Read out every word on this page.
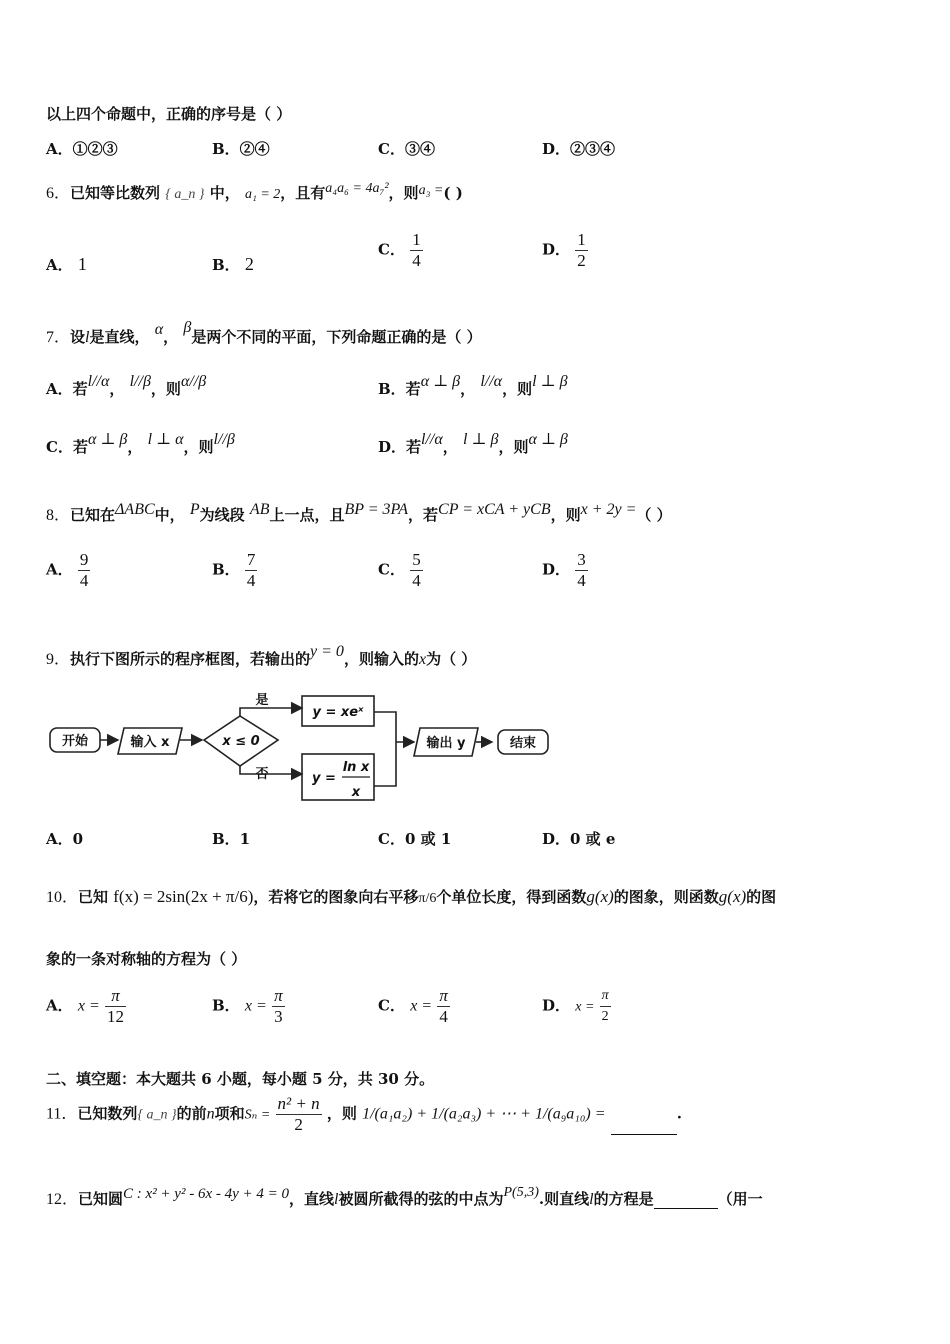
以上四个命题中，正确的序号是（ ）
A．①②③	B．②④	C．③④	D．②③④
6．已知等比数列 { a_n } 中， a₁ = 2，且有a₄a₆ = 4a₇²，则a₃ =( )
A． 1	B． 2
C． $\frac{1}{4}$	D． $\frac{1}{2}$
7．设l是直线， α， β是两个不同的平面，下列命题正确的是（ ）
A．若l//α， l//β，则α//β	B．若α ⊥ β， l//α，则l ⊥ β
C．若α ⊥ β， l ⊥ α，则l//β	D．若l//α， l ⊥ β，则α ⊥ β
8．已知在ΔABC中， P为线段 AB上一点，且BP = 3PA，若CP = xCA + yCB，则x + 2y =（ ）
A． $\frac{9}{4}$	B． $\frac{7}{4}$	C． $\frac{5}{4}$	D． $\frac{3}{4}$
9．执行下图所示的程序框图，若输出的y = 0，则输入的x为（ ）
开始	输入 x	x ≤ 0
是
否
y = xeˣ
y =
ln x
x
输出 y	结束
A．0	B．1	C．0 或 1	D．0 或 e
10．已知 f(x) = 2sin(2x + π/6)，若将它的图象向右平移π/6个单位长度，得到函数g(x)的图象，则函数g(x)的图
象的一条对称轴的方程为（ ）
A． $x = \frac{\pi}{12}$	B． $x = \frac{\pi}{3}$	C． $x = \frac{\pi}{4}$	D． $x = \frac{\pi}{2}$
二、填空题：本大题共 6 小题，每小题 5 分，共 30 分。
11．已知数列{ a_n }的前n项和$S_n = \frac{\text{n² + n}}{2}$ ，则 1/(a₁a₂) + 1/(a₂a₃) + ⋯ + 1/(a₉a₁₀) =	.
12．已知圆C : x² + y² - 6x - 4y + 4 = 0，直线l被圆所截得的弦的中点为P(5,3).则直线l的方程是	（用一
